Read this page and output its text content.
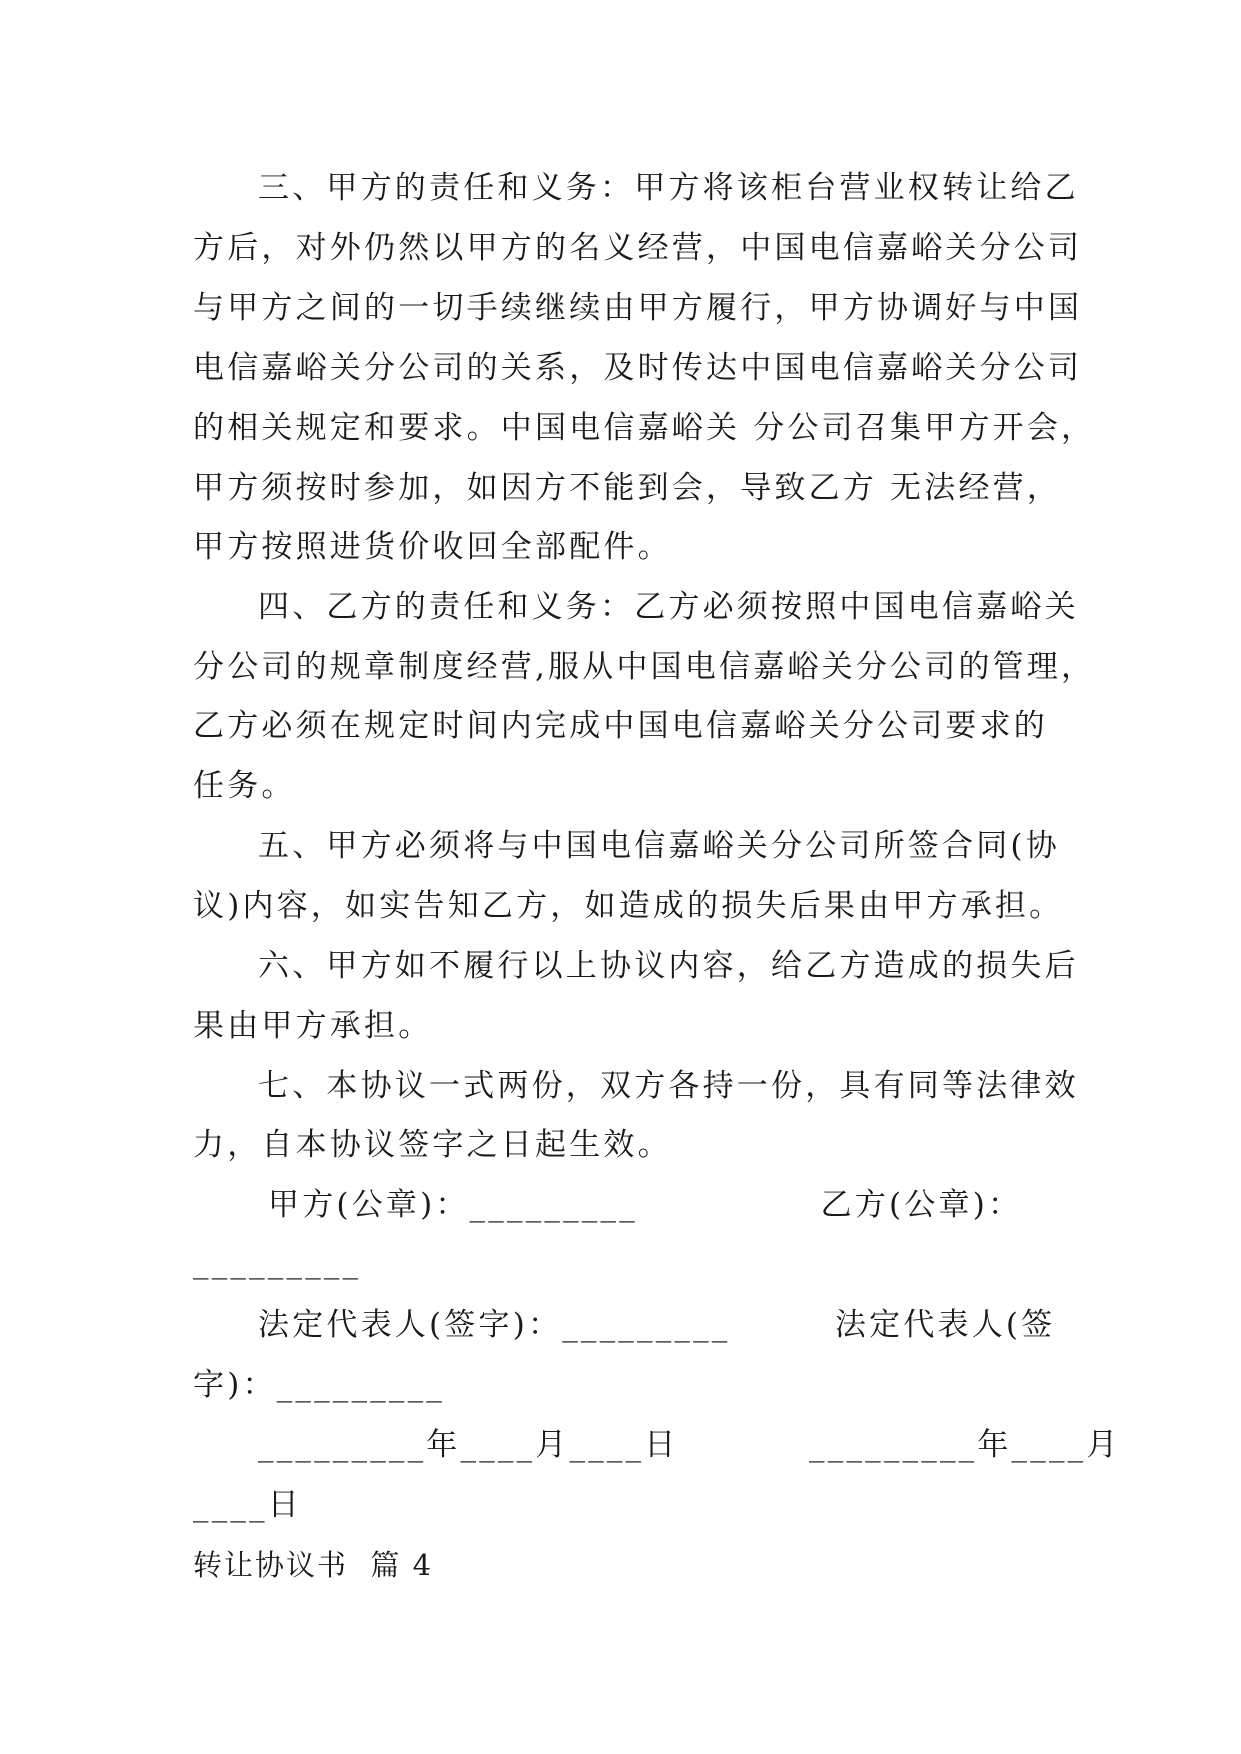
三、甲方的责任和义务：甲方将该柜台营业权转让给乙
方后，对外仍然以甲方的名义经营，中国电信嘉峪关分公司
与甲方之间的一切手续继续由甲方履行，甲方协调好与中国
电信嘉峪关分公司的关系，及时传达中国电信嘉峪关分公司
的相关规定和要求。中国电信嘉峪关 分公司召集甲方开会，
甲方须按时参加，如因方不能到会，导致乙方 无法经营，
甲方按照进货价收回全部配件。
四、乙方的责任和义务：乙方必须按照中国电信嘉峪关
分公司的规章制度经营,服从中国电信嘉峪关分公司的管理，
乙方必须在规定时间内完成中国电信嘉峪关分公司要求的
任务。
五、甲方必须将与中国电信嘉峪关分公司所签合同(协
议)内容，如实告知乙方，如造成的损失后果由甲方承担。
六、甲方如不履行以上协议内容，给乙方造成的损失后
果由甲方承担。
七、本协议一式两份，双方各持一份，具有同等法律效
力，自本协议签字之日起生效。
甲方(公章)：_________              乙方(公章)：
_________
法定代表人(签字)：_________        法定代表人(签
字)：_________
_________年____月____日          _________年____月
____日
转让协议书  篇 4
